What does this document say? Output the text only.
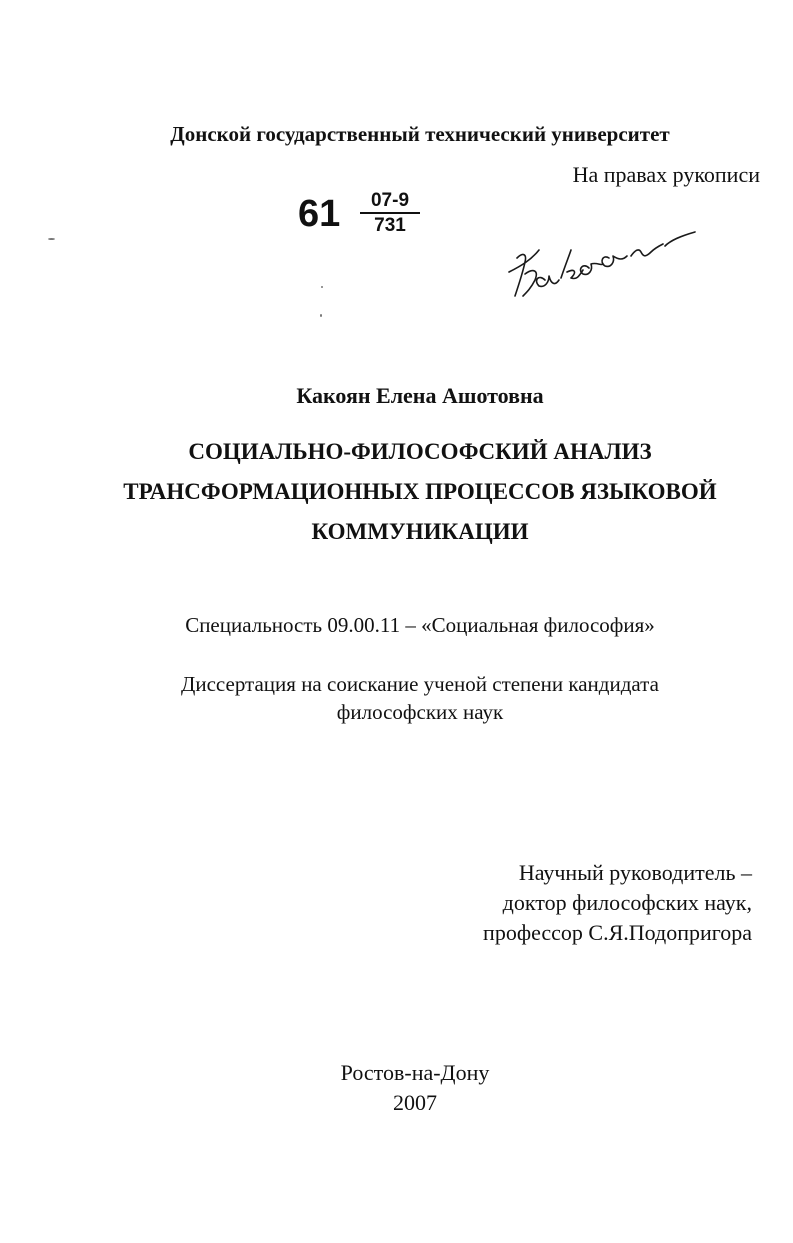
Донской государственный технический университет
На правах рукописи
61	07-9
731
Какоян Елена Ашотовна
СОЦИАЛЬНО-ФИЛОСОФСКИЙ АНАЛИЗ
ТРАНСФОРМАЦИОННЫХ ПРОЦЕССОВ ЯЗЫКОВОЙ
КОММУНИКАЦИИ
Специальность 09.00.11 – «Социальная философия»
Диссертация на соискание ученой степени кандидата
философских наук
Научный руководитель –
доктор философских наук,
профессор С.Я.Подопригора
Ростов-на-Дону
2007
